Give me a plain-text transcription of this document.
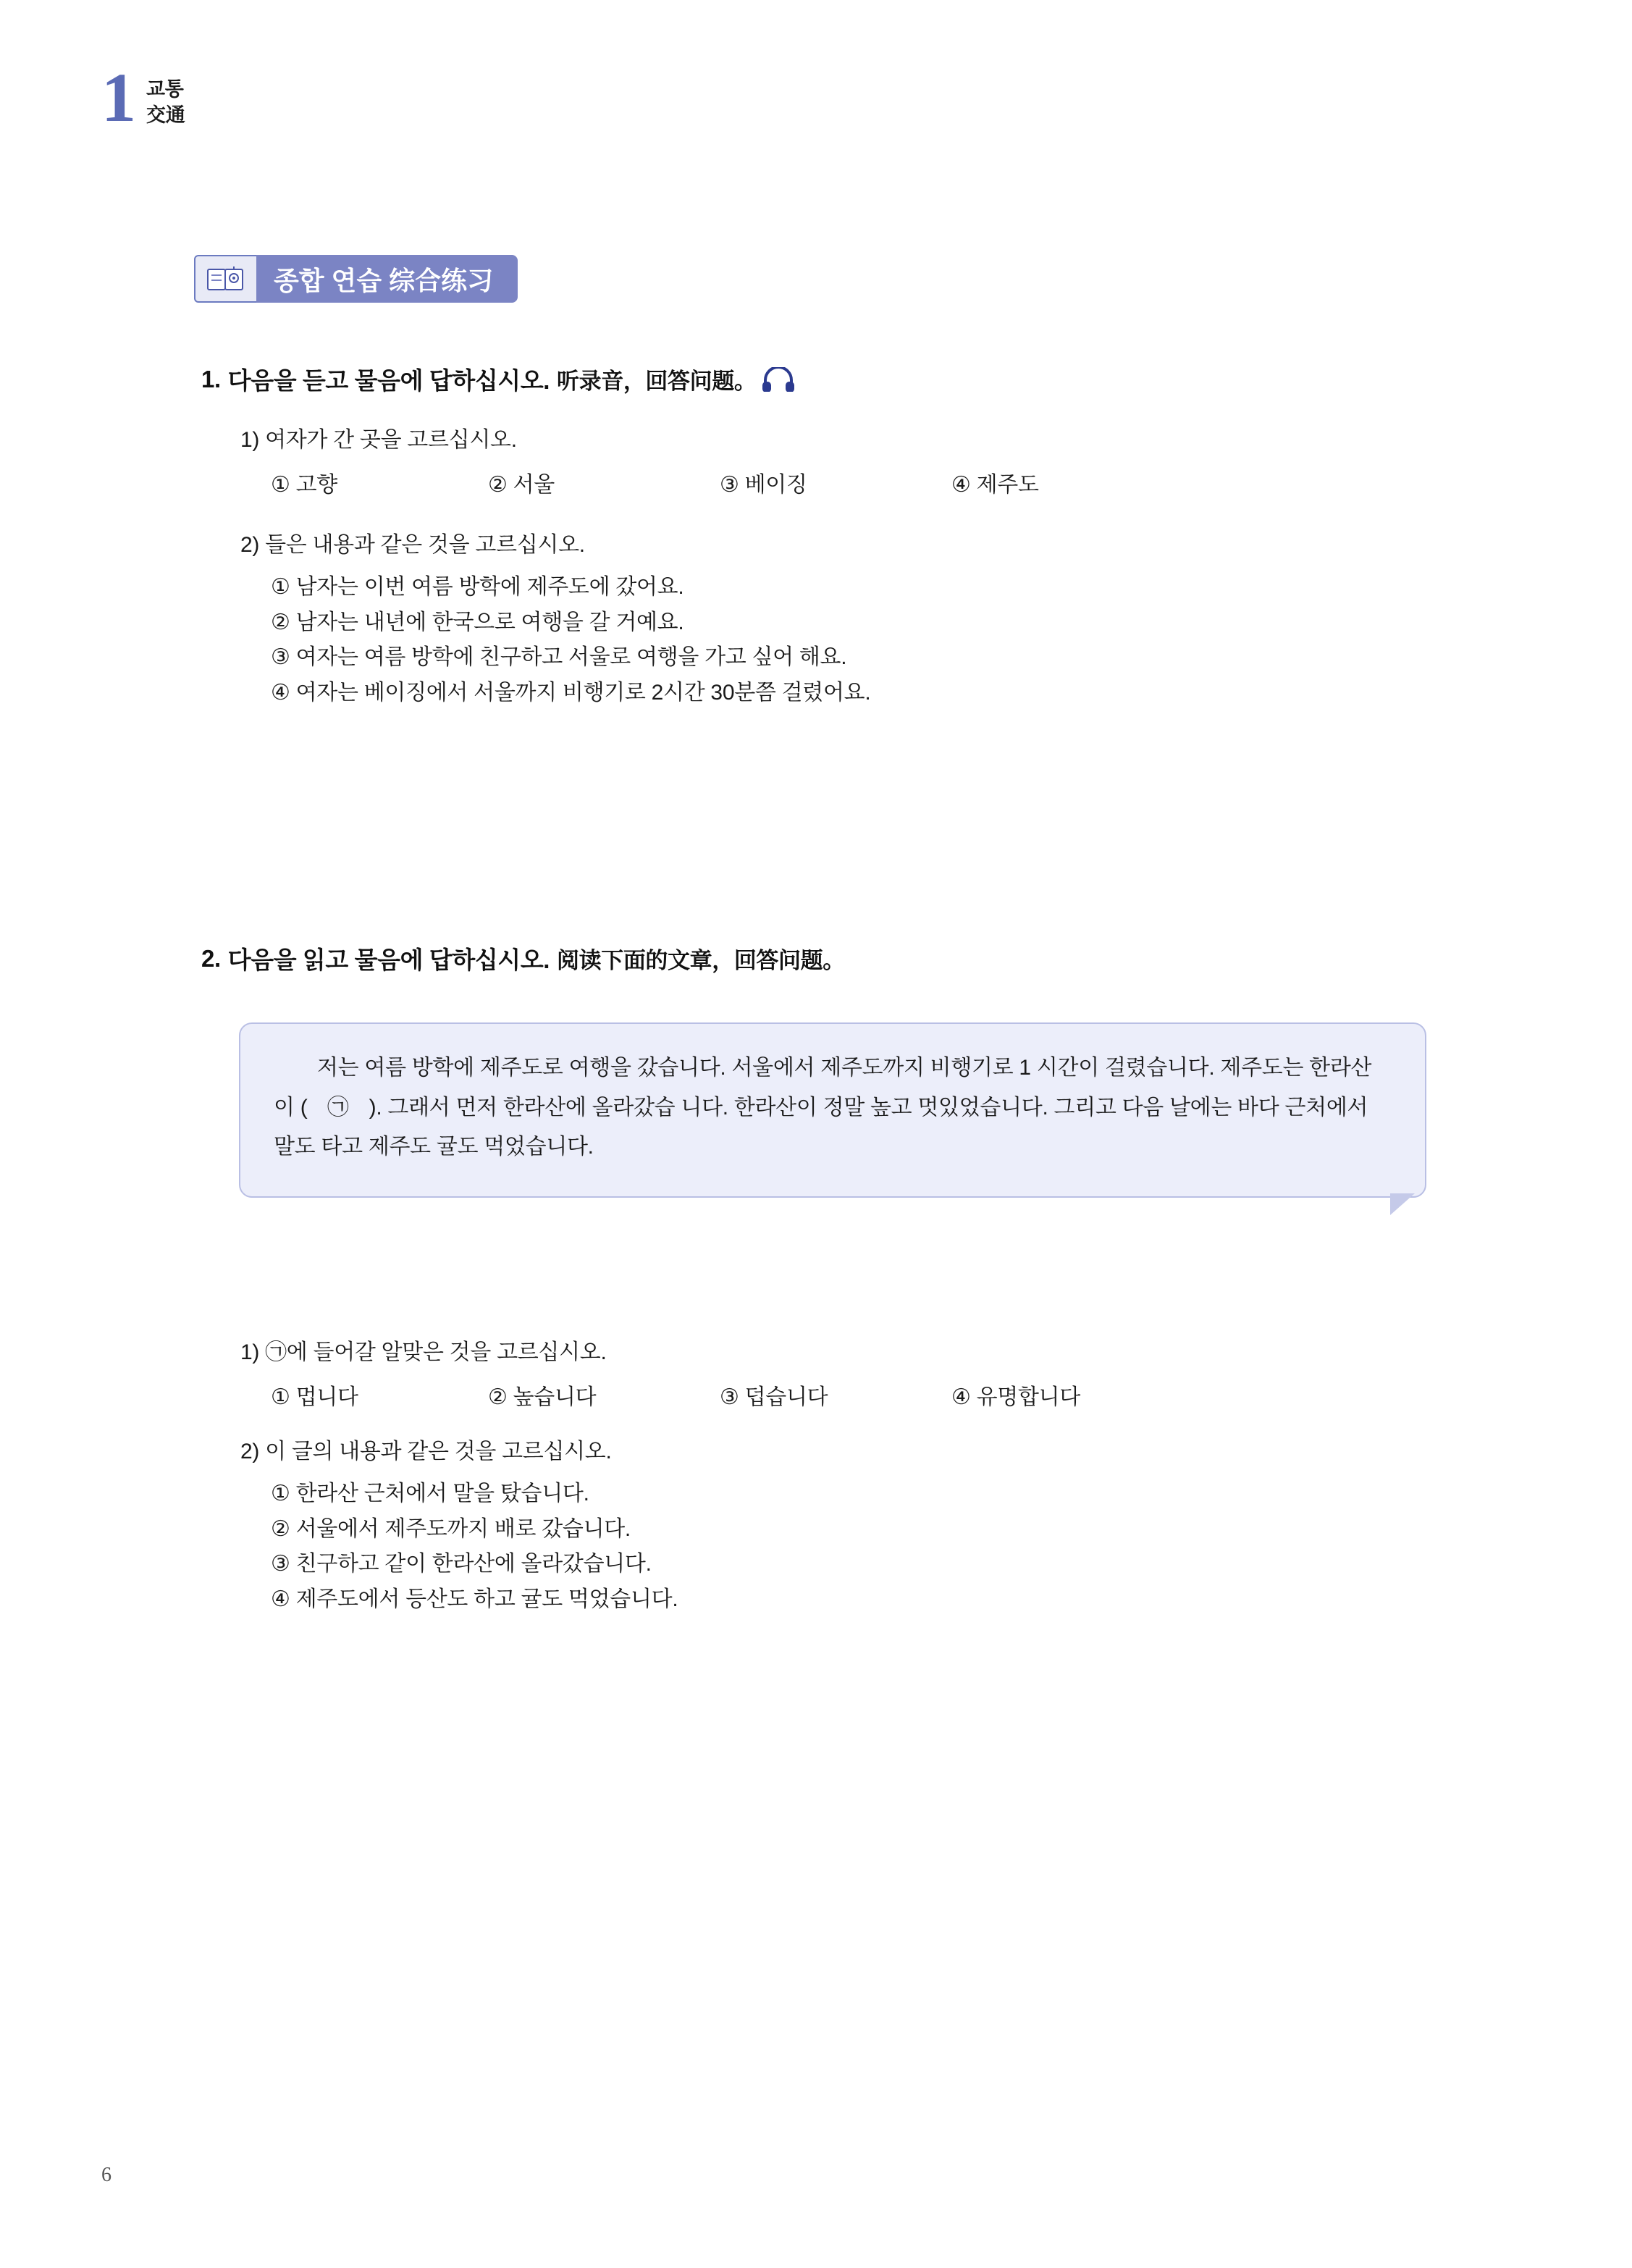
1 교통
交通
종합 연습 综合练习
1. 다음을 듣고 물음에 답하십시오. 听录音，回答问题。
1) 여자가 간 곳을 고르십시오.
① 고향	② 서울	③ 베이징	④ 제주도
2) 들은 내용과 같은 것을 고르십시오.
① 남자는 이번 여름 방학에 제주도에 갔어요.
② 남자는 내년에 한국으로 여행을 갈 거예요.
③ 여자는 여름 방학에 친구하고 서울로 여행을 가고 싶어 해요.
④ 여자는 베이징에서 서울까지 비행기로 2시간 30분쯤 걸렸어요.
2. 다음을 읽고 물음에 답하십시오. 阅读下面的文章，回答问题。
저는 여름 방학에 제주도로 여행을 갔습니다. 서울에서 제주도까지 비행기로 1 시간이 걸렸습니다. 제주도는 한라산이 ( ㉠ ). 그래서 먼저 한라산에 올라갔습 니다. 한라산이 정말 높고 멋있었습니다. 그리고 다음 날에는 바다 근처에서 말도 타고 제주도 귤도 먹었습니다.
1) ㉠에 들어갈 알맞은 것을 고르십시오.
① 멉니다	② 높습니다	③ 덥습니다	④ 유명합니다
2) 이 글의 내용과 같은 것을 고르십시오.
① 한라산 근처에서 말을 탔습니다.
② 서울에서 제주도까지 배로 갔습니다.
③ 친구하고 같이 한라산에 올라갔습니다.
④ 제주도에서 등산도 하고 귤도 먹었습니다.
6
